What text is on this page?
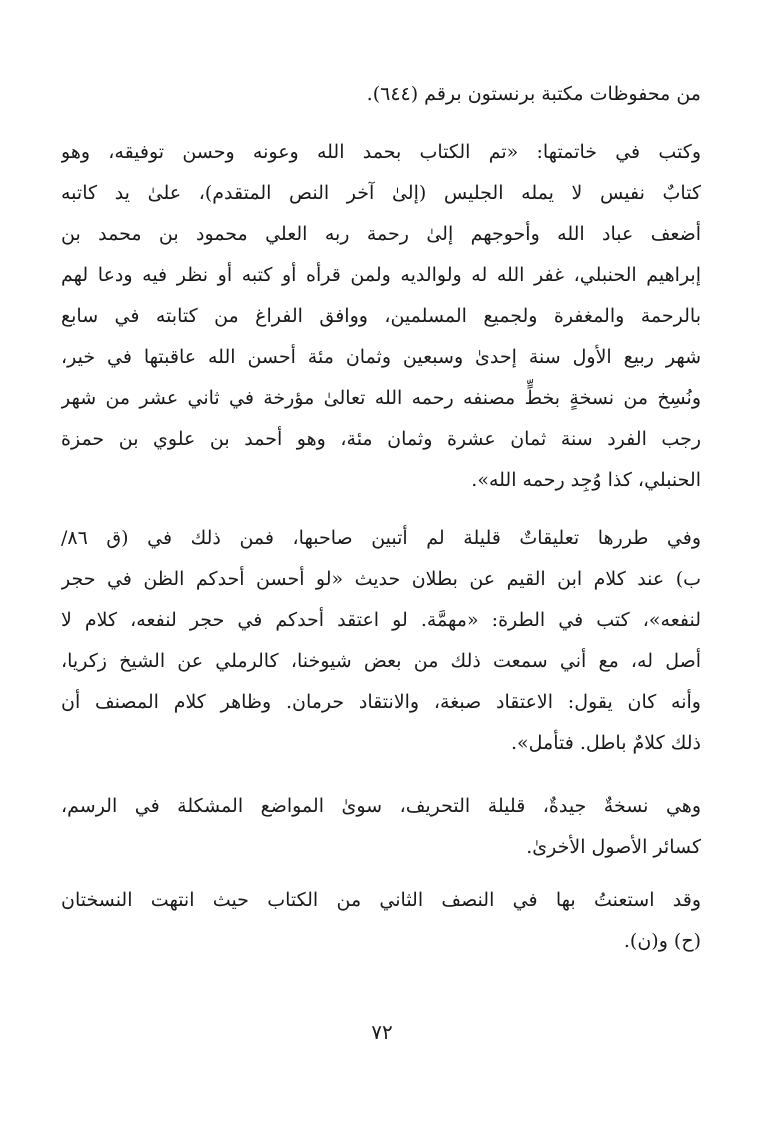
من محفوظات مكتبة برنستون برقم (٦٤٤).
وكتب في خاتمتها: «تم الكتاب بحمد الله وعونه وحسن توفيقه، وهو
كتابٌ نفيس لا يمله الجليس (إلىٰ آخر النص المتقدم)، علىٰ يد كاتبه
أضعف عباد الله وأحوجهم إلىٰ رحمة ربه العلي محمود بن محمد بن
إبراهيم الحنبلي، غفر الله له ولوالديه ولمن قرأه أو كتبه أو نظر فيه ودعا لهم
بالرحمة والمغفرة ولجميع المسلمين، ووافق الفراغ من كتابته في سابع
شهر ربيع الأول سنة إحدىٰ وسبعين وثمان مئة أحسن الله عاقبتها في خير،
ونُسِخ من نسخةٍ بخطٍّ مصنفه رحمه الله تعالىٰ مؤرخة في ثاني عشر من شهر
رجب الفرد سنة ثمان عشرة وثمان مئة، وهو أحمد بن علوي بن حمزة
الحنبلي، كذا وُجِد رحمه الله».
وفي طررها تعليقاتٌ قليلة لم أتبين صاحبها، فمن ذلك في (ق ٨٦/
ب) عند كلام ابن القيم عن بطلان حديث «لو أحسن أحدكم الظن في حجر
لنفعه»، كتب في الطرة: «مهمَّة. لو اعتقد أحدكم في حجر لنفعه، كلام لا
أصل له، مع أني سمعت ذلك من بعض شيوخنا، كالرملي عن الشيخ زكريا،
وأنه كان يقول: الاعتقاد صبغة، والانتقاد حرمان. وظاهر كلام المصنف أن
ذلك كلامٌ باطل. فتأمل».
وهي نسخةٌ جيدةٌ، قليلة التحريف، سوىٰ المواضع المشكلة في الرسم،
كسائر الأصول الأخرىٰ.
وقد استعنتُ بها في النصف الثاني من الكتاب حيث انتهت النسختان
(ح) و(ن).
٧٢
